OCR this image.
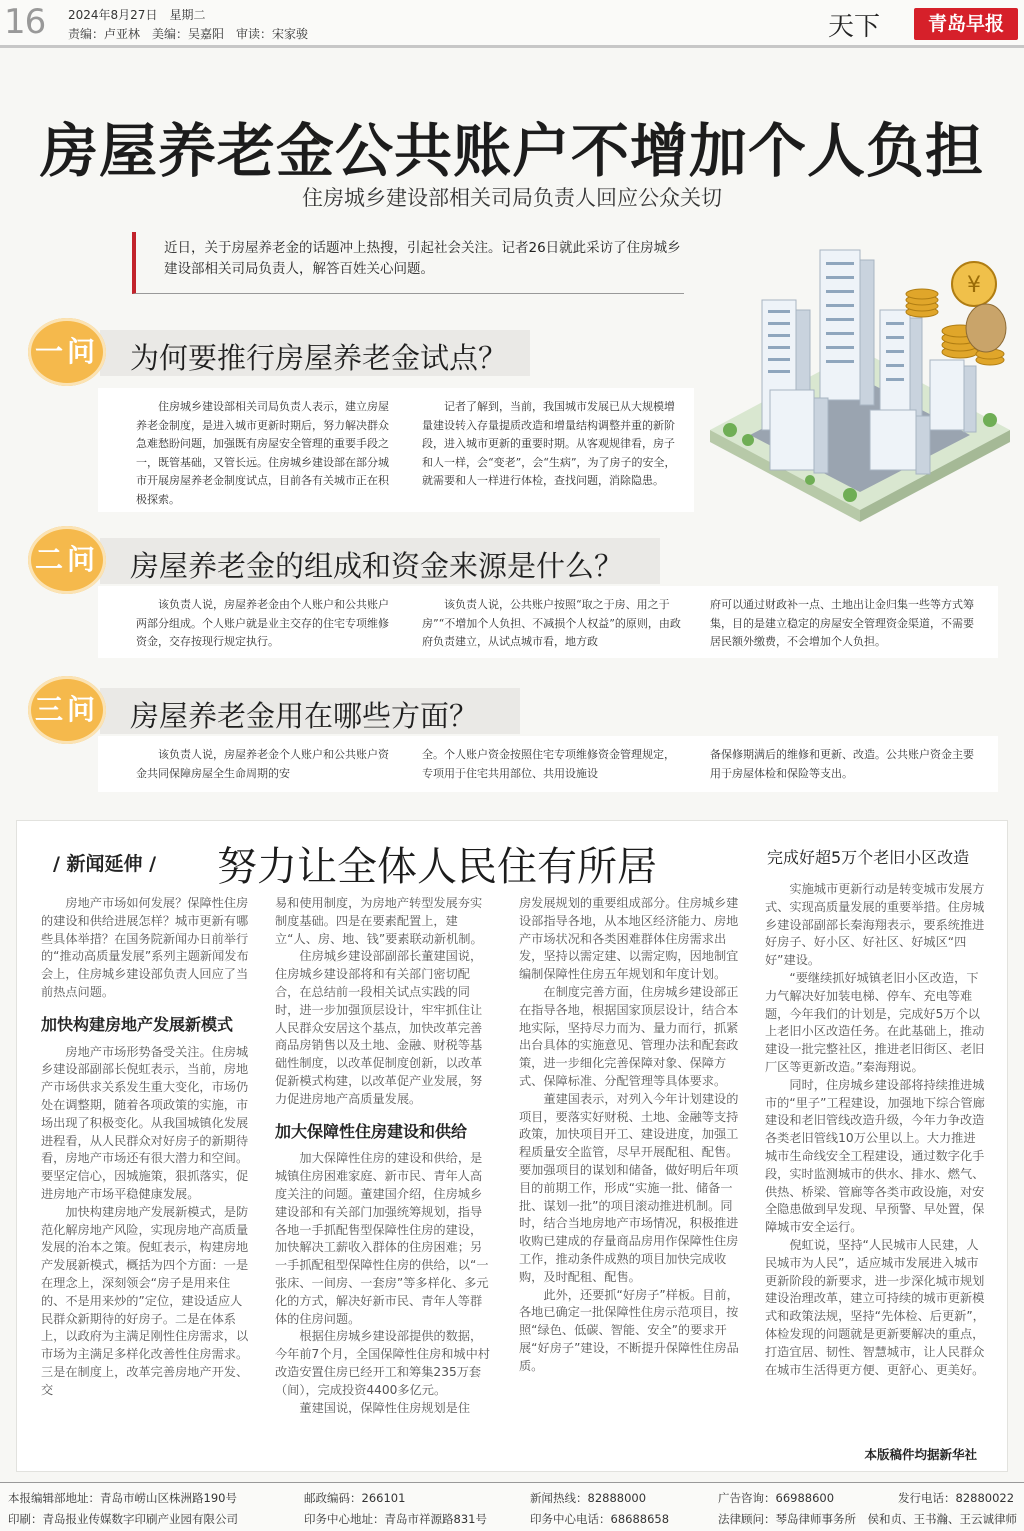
16 2024年8月27日　星期二
责编：卢亚林　美编：吴嘉阳　审读：宋家骏	天下	青岛早报
房屋养老金公共账户不增加个人负担
住房城乡建设部相关司局负责人回应公众关切
近日，关于房屋养老金的话题冲上热搜，引起社会关注。记者26日就此采访了住房城乡建设部相关司局负责人，解答百姓关心问题。
¥
一问 为何要推行房屋养老金试点？
住房城乡建设部相关司局负责人表示，建立房屋养老金制度，是进入城市更新时期后，努力解决群众急难愁盼问题，加强既有房屋安全管理的重要手段之一，既管基础，又管长远。住房城乡建设部在部分城市开展房屋养老金制度试点，目前各有关城市正在积极探索。
记者了解到，当前，我国城市发展已从大规模增量建设转入存量提质改造和增量结构调整并重的新阶段，进入城市更新的重要时期。从客观规律看，房子和人一样，会“变老”，会“生病”，为了房子的安全，就需要和人一样进行体检，查找问题，消除隐患。
二问 房屋养老金的组成和资金来源是什么？
该负责人说，房屋养老金由个人账户和公共账户两部分组成。个人账户就是业主交存的住宅专项维修资金，交存按现行规定执行。
该负责人说，公共账户按照“取之于房、用之于房”“不增加个人负担、不减损个人权益”的原则，由政府负责建立，从试点城市看，地方政
府可以通过财政补一点、土地出让金归集一些等方式筹集，目的是建立稳定的房屋安全管理资金渠道，不需要居民额外缴费，不会增加个人负担。
三问 房屋养老金用在哪些方面？
该负责人说，房屋养老金个人账户和公共账户资金共同保障房屋全生命周期的安
全。个人账户资金按照住宅专项维修资金管理规定，专项用于住宅共用部位、共用设施设
备保修期满后的维修和更新、改造。公共账户资金主要用于房屋体检和保险等支出。
/ 新闻延伸 / 努力让全体人民住有所居	完成好超5万个老旧小区改造

房地产市场如何发展？保障性住房的建设和供给进展怎样？城市更新有哪些具体举措？在国务院新闻办日前举行的“推动高质量发展”系列主题新闻发布会上，住房城乡建设部负责人回应了当前热点问题。

加快构建房地产发展新模式

房地产市场形势备受关注。住房城乡建设部副部长倪虹表示，当前，房地产市场供求关系发生重大变化，市场仍处在调整期，随着各项政策的实施，市场出现了积极变化。从我国城镇化发展进程看，从人民群众对好房子的新期待看，房地产市场还有很大潜力和空间。要坚定信心，因城施策，狠抓落实，促进房地产市场平稳健康发展。

加快构建房地产发展新模式，是防范化解房地产风险，实现房地产高质量发展的治本之策。倪虹表示，构建房地产发展新模式，概括为四个方面：一是在理念上，深刻领会“房子是用来住的、不是用来炒的”定位，建设适应人民群众新期待的好房子。二是在体系上，以政府为主满足刚性住房需求，以市场为主满足多样化改善性住房需求。三是在制度上，改革完善房地产开发、交

易和使用制度，为房地产转型发展夯实制度基础。四是在要素配置上，建立“人、房、地、钱”要素联动新机制。

住房城乡建设部副部长董建国说，住房城乡建设部将和有关部门密切配合，在总结前一段相关试点实践的同时，进一步加强顶层设计，牢牢抓住让人民群众安居这个基点，加快改革完善商品房销售以及土地、金融、财税等基础性制度，以改革促制度创新，以改革促新模式构建，以改革促产业发展，努力促进房地产高质量发展。

加大保障性住房建设和供给

加大保障性住房的建设和供给，是城镇住房困难家庭、新市民、青年人高度关注的问题。董建国介绍，住房城乡建设部和有关部门加强统筹规划，指导各地一手抓配售型保障性住房的建设，加快解决工薪收入群体的住房困难；另一手抓配租型保障性住房的供给，以“一张床、一间房、一套房”等多样化、多元化的方式，解决好新市民、青年人等群体的住房问题。

根据住房城乡建设部提供的数据，今年前7个月，全国保障性住房和城中村改造安置住房已经开工和筹集235万套（间），完成投资4400多亿元。

董建国说，保障性住房规划是住

房发展规划的重要组成部分。住房城乡建设部指导各地，从本地区经济能力、房地产市场状况和各类困难群体住房需求出发，坚持以需定建、以需定购，因地制宜编制保障性住房五年规划和年度计划。

在制度完善方面，住房城乡建设部正在指导各地，根据国家顶层设计，结合本地实际，坚持尽力而为、量力而行，抓紧出台具体的实施意见、管理办法和配套政策，进一步细化完善保障对象、保障方式、保障标准、分配管理等具体要求。

董建国表示，对列入今年计划建设的项目，要落实好财税、土地、金融等支持政策，加快项目开工、建设进度，加强工程质量安全监管，尽早开展配租、配售。要加强项目的谋划和储备，做好明后年项目的前期工作，形成“实施一批、储备一批、谋划一批”的项目滚动推进机制。同时，结合当地房地产市场情况，积极推进收购已建成的存量商品房用作保障性住房工作，推动条件成熟的项目加快完成收购，及时配租、配售。

此外，还要抓“好房子”样板。目前，各地已确定一批保障性住房示范项目，按照“绿色、低碳、智能、安全”的要求开展“好房子”建设，不断提升保障性住房品质。

实施城市更新行动是转变城市发展方式、实现高质量发展的重要举措。住房城乡建设部副部长秦海翔表示，要系统推进好房子、好小区、好社区、好城区“四好”建设。

“要继续抓好城镇老旧小区改造，下力气解决好加装电梯、停车、充电等难题，今年我们的计划是，完成好5万个以上老旧小区改造任务。在此基础上，推动建设一批完整社区，推进老旧街区、老旧厂区等更新改造。”秦海翔说。

同时，住房城乡建设部将持续推进城市的“里子”工程建设，加强地下综合管廊建设和老旧管线改造升级，今年力争改造各类老旧管线10万公里以上。大力推进城市生命线安全工程建设，通过数字化手段，实时监测城市的供水、排水、燃气、供热、桥梁、管廊等各类市政设施，对安全隐患做到早发现、早预警、早处置，保障城市安全运行。

倪虹说，坚持“人民城市人民建，人民城市为人民”，适应城市发展进入城市更新阶段的新要求，进一步深化城市规划建设治理改革，建立可持续的城市更新模式和政策法规，坚持“先体检、后更新”，体检发现的问题就是更新要解决的重点，打造宜居、韧性、智慧城市，让人民群众在城市生活得更方便、更舒心、更美好。

本版稿件均据新华社
本报编辑部地址：青岛市崂山区株洲路190号	邮政编码：266101	新闻热线：82888000	广告咨询：66988600	发行电话：82880022
印刷：青岛报业传媒数字印刷产业园有限公司	印务中心地址：青岛市祥源路831号	印务中心电话：68688658	法律顾问：琴岛律师事务所　侯和贞、王书瀚、王云诚律师
